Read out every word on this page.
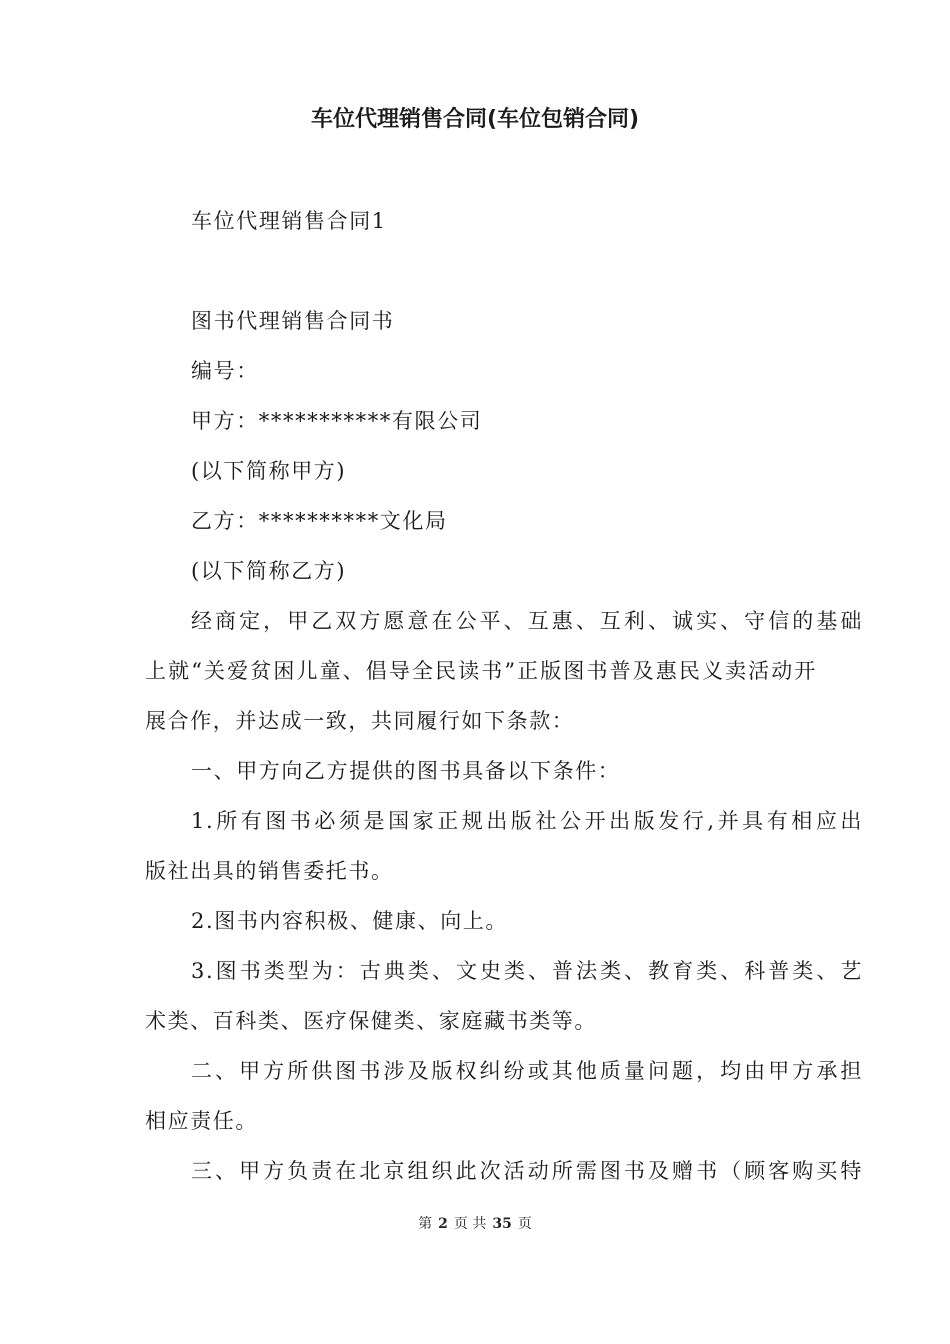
车位代理销售合同(车位包销合同)
车位代理销售合同1
图书代理销售合同书
编号：
甲方：***********有限公司
(以下简称甲方)
乙方：**********文化局
(以下简称乙方)
经商定，甲乙双方愿意在公平、互惠、互利、诚实、守信的基础
上就“关爱贫困儿童、倡导全民读书”正版图书普及惠民义卖活动开
展合作，并达成一致，共同履行如下条款：
一、甲方向乙方提供的图书具备以下条件：
1.所有图书必须是国家正规出版社公开出版发行,并具有相应出
版社出具的销售委托书。
2.图书内容积极、健康、向上。
3.图书类型为：古典类、文史类、普法类、教育类、科普类、艺
术类、百科类、医疗保健类、家庭藏书类等。
二、甲方所供图书涉及版权纠纷或其他质量问题，均由甲方承担
相应责任。
三、甲方负责在北京组织此次活动所需图书及赠书（顾客购买特
第 2 页 共 35 页
